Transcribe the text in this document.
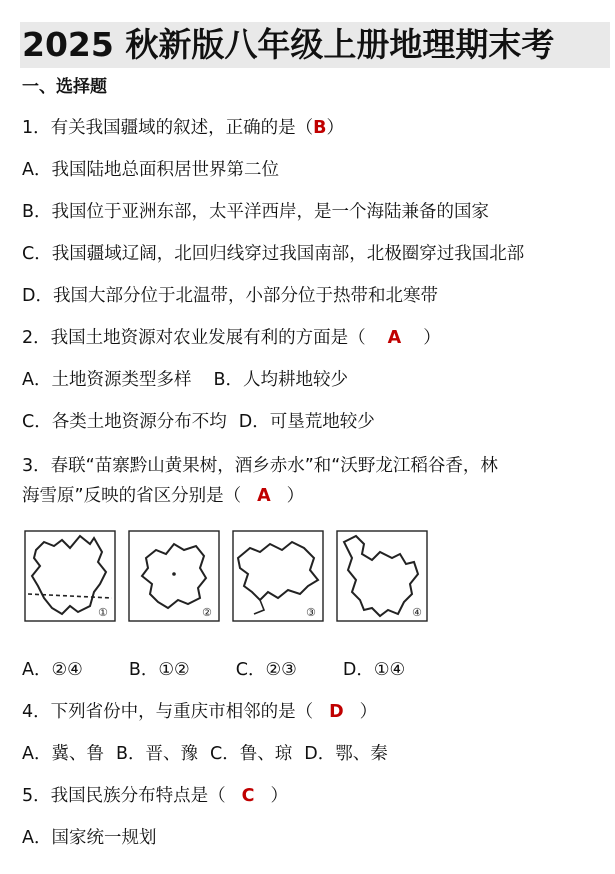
2025 秋新版八年级上册地理期末考
一、选择题
1．有关我国疆域的叙述，正确的是（B）
A．我国陆地总面积居世界第二位
B．我国位于亚洲东部，太平洋西岸，是一个海陆兼备的国家
C．我国疆域辽阔，北回归线穿过我国南部，北极圈穿过我国北部
D．我国大部分位于北温带，小部分位于热带和北寒带
2．我国土地资源对农业发展有利的方面是（ A ）
A．土地资源类型多样 B．人均耕地较少
C．各类土地资源分布不均 D．可垦荒地较少
3．春联“苗寨黔山黄果树，酒乡赤水”和“沃野龙江稻谷香，林
海雪原”反映的省区分别是（ A ）
①	②	③	④
A．②④	B．①②	C．②③	D．①④
4．下列省份中，与重庆市相邻的是（ D ）
A．冀、鲁 B．晋、豫 C．鲁、琼 D．鄂、秦
5．我国民族分布特点是（ C ）
A．国家统一规划
